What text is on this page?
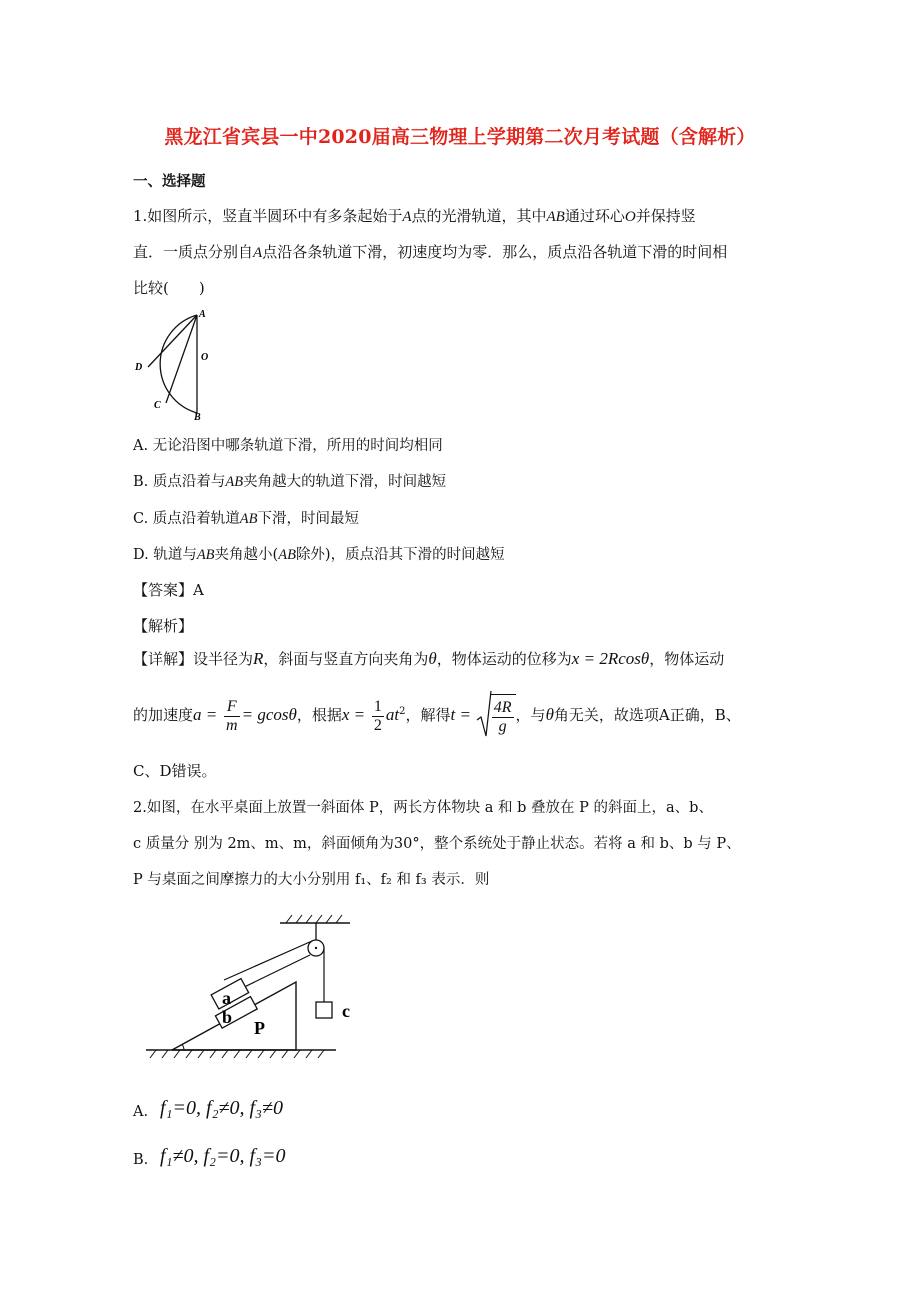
黑龙江省宾县一中2020届高三物理上学期第二次月考试题（含解析）
一、选择题
1.如图所示，竖直半圆环中有多条起始于A点的光滑轨道，其中AB通过环心O并保持竖
直．一质点分别自A点沿各条轨道下滑，初速度均为零．那么，质点沿各轨道下滑的时间相
比较(　　)
A
O
D
C
B
A. 无论沿图中哪条轨道下滑，所用的时间均相同
B. 质点沿着与AB夹角越大的轨道下滑，时间越短
C. 质点沿着轨道AB下滑，时间最短
D. 轨道与AB夹角越小(AB除外)，质点沿其下滑的时间越短
【答案】A
【解析】
【详解】设半径为R，斜面与竖直方向夹角为θ，物体运动的位移为x = 2Rcosθ，物体运动
的加速度$a = \frac{F}{m} = gcos\theta$，根据$x = \frac{1}{2} at^2$，解得$t = \frac{4R}{g}$ ，与θ角无关，故选项A正确，B、
C、D错误。
2.如图，在水平桌面上放置一斜面体 P，两长方体物块 a 和 b 叠放在 P 的斜面上，a、b、
c 质量分 别为 2m、m、m，斜面倾角为30°，整个系统处于静止状态。若将 a 和 b、b 与 P、
P 与桌面之间摩擦力的大小分别用 f₁、f₂ 和 f₃ 表示．则
c
P
a
b
A. f₁=0, f₂≠0, f₃≠0
B. f₁≠0, f₂=0, f₃=0
